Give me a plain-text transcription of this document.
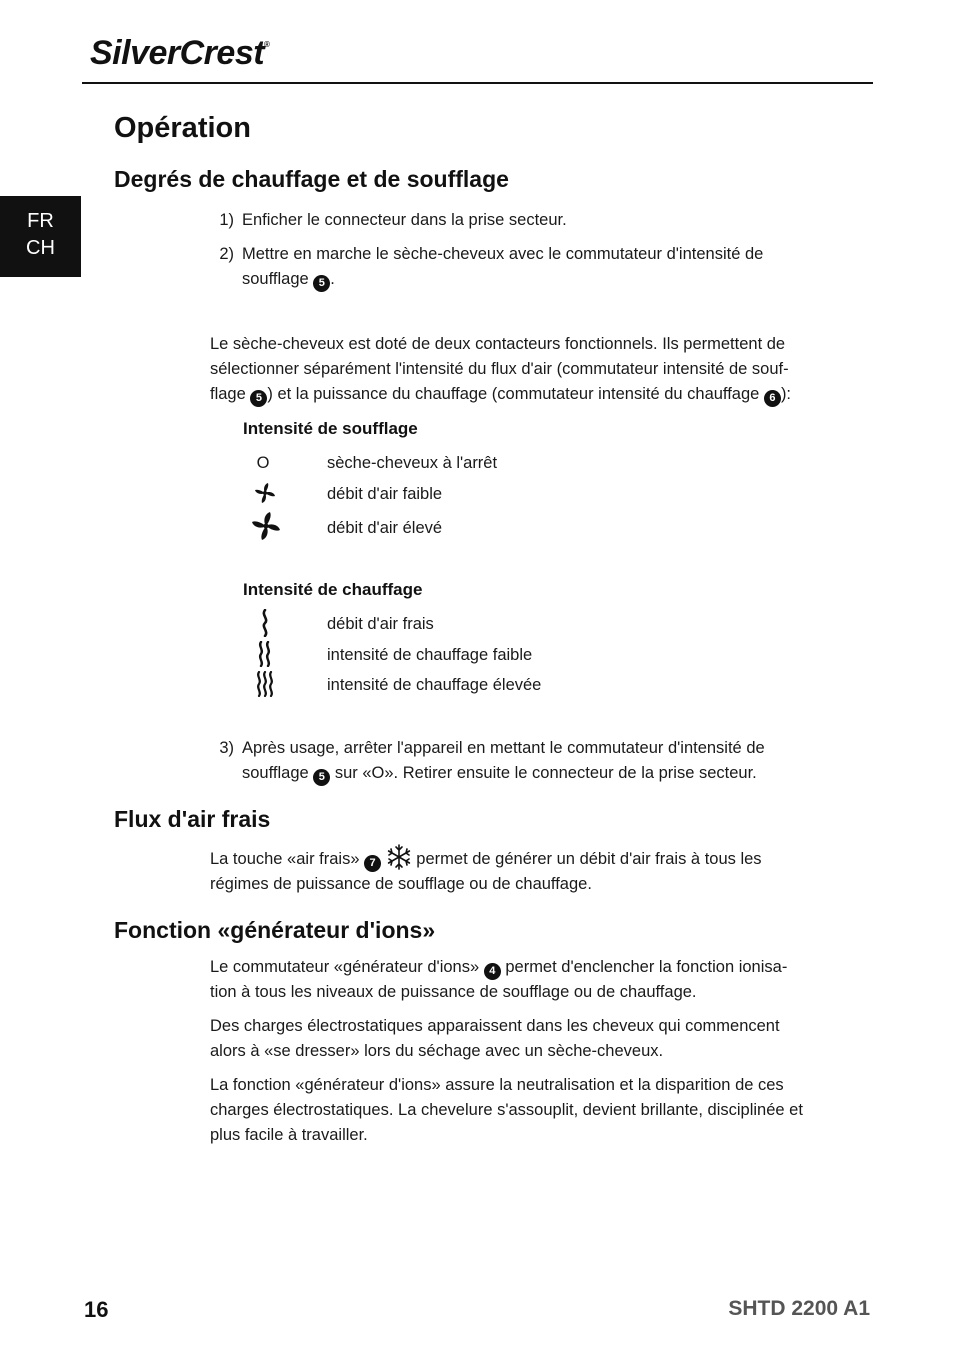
SilverCrest®
FR
CH
Opération
Degrés de chauffage et de soufflage
1) Enficher le connecteur dans la prise secteur.
2) Mettre en marche le sèche-cheveux avec le commutateur d'intensité de
soufflage 5 .
Le sèche-cheveux est doté de deux contacteurs fonctionnels. Ils permettent de
sélectionner séparément l'intensité du flux d'air (commutateur intensité de souf-
flage 5 ) et la puissance du chauffage (commutateur intensité du chauffage 6 ):
Intensité de soufflage
O	sèche-cheveux à l'arrêt
débit d'air faible
débit d'air élevé
Intensité de chauffage
débit d'air frais
intensité de chauffage faible
intensité de chauffage élevée
3) Après usage, arrêter l'appareil en mettant le commutateur d'intensité de
soufflage 5 sur «O». Retirer ensuite le connecteur de la prise secteur.
Flux d'air frais
La touche «air frais» 7 permet de générer un débit d'air frais à tous les
régimes de puissance de soufflage ou de chauffage.
Fonction «générateur d'ions»
Le commutateur «générateur d'ions» 4 permet d'enclencher la fonction ionisa-
tion à tous les niveaux de puissance de soufflage ou de chauffage.
Des charges électrostatiques apparaissent dans les cheveux qui commencent
alors à «se dresser» lors du séchage avec un sèche-cheveux.
La fonction «générateur d'ions» assure la neutralisation et la disparition de ces
charges électrostatiques. La chevelure s'assouplit, devient brillante, disciplinée et
plus facile à travailler.
16	SHTD 2200 A1
